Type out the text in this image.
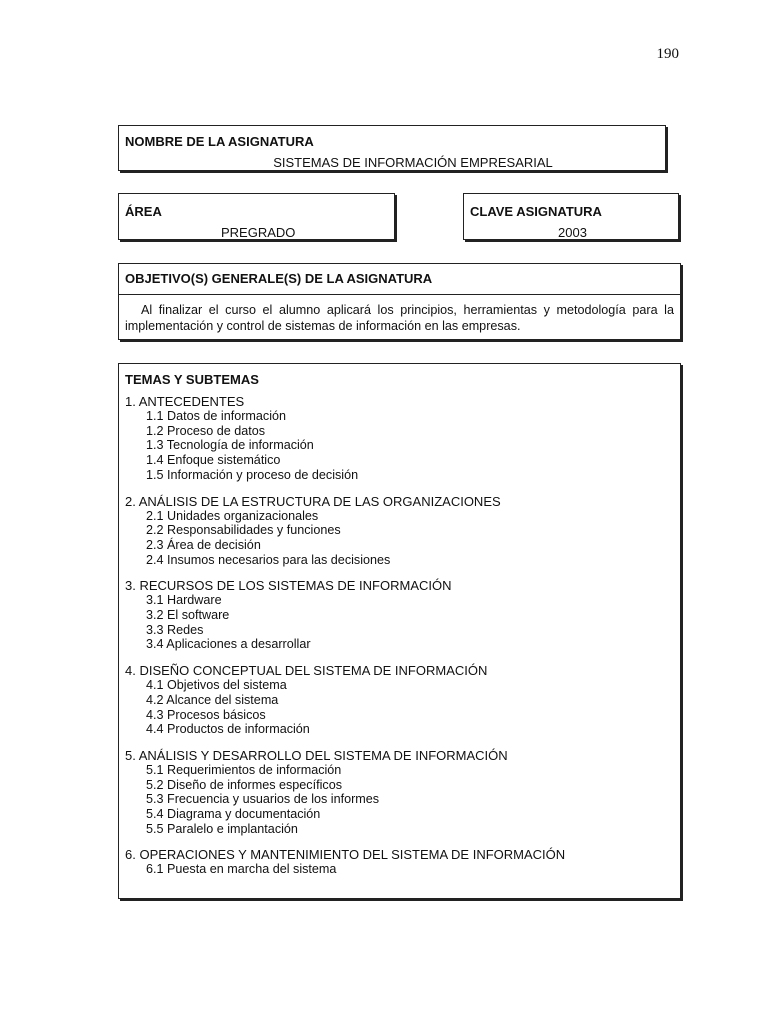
190
NOMBRE DE LA ASIGNATURA
SISTEMAS DE INFORMACIÓN EMPRESARIAL
ÁREA
PREGRADO
CLAVE ASIGNATURA
2003
OBJETIVO(S) GENERALE(S) DE LA ASIGNATURA
Al finalizar el curso el alumno aplicará los principios, herramientas y metodología para la implementación y control de sistemas de información en las empresas.
TEMAS Y SUBTEMAS
1. ANTECEDENTES
1.1 Datos de información
1.2 Proceso de datos
1.3 Tecnología de información
1.4 Enfoque sistemático
1.5 Información y proceso de decisión
2. ANÁLISIS DE LA ESTRUCTURA DE LAS ORGANIZACIONES
2.1 Unidades organizacionales
2.2 Responsabilidades y funciones
2.3 Área de decisión
2.4 Insumos necesarios para las decisiones
3. RECURSOS DE LOS SISTEMAS DE INFORMACIÓN
3.1 Hardware
3.2 El software
3.3 Redes
3.4 Aplicaciones a desarrollar
4. DISEÑO CONCEPTUAL DEL SISTEMA DE INFORMACIÓN
4.1 Objetivos del sistema
4.2 Alcance del sistema
4.3 Procesos básicos
4.4 Productos de información
5. ANÁLISIS Y DESARROLLO DEL SISTEMA DE INFORMACIÓN
5.1 Requerimientos de información
5.2 Diseño de informes específicos
5.3 Frecuencia y usuarios de los informes
5.4 Diagrama y documentación
5.5 Paralelo e implantación
6. OPERACIONES Y MANTENIMIENTO DEL SISTEMA DE INFORMACIÓN
6.1 Puesta en marcha del sistema
